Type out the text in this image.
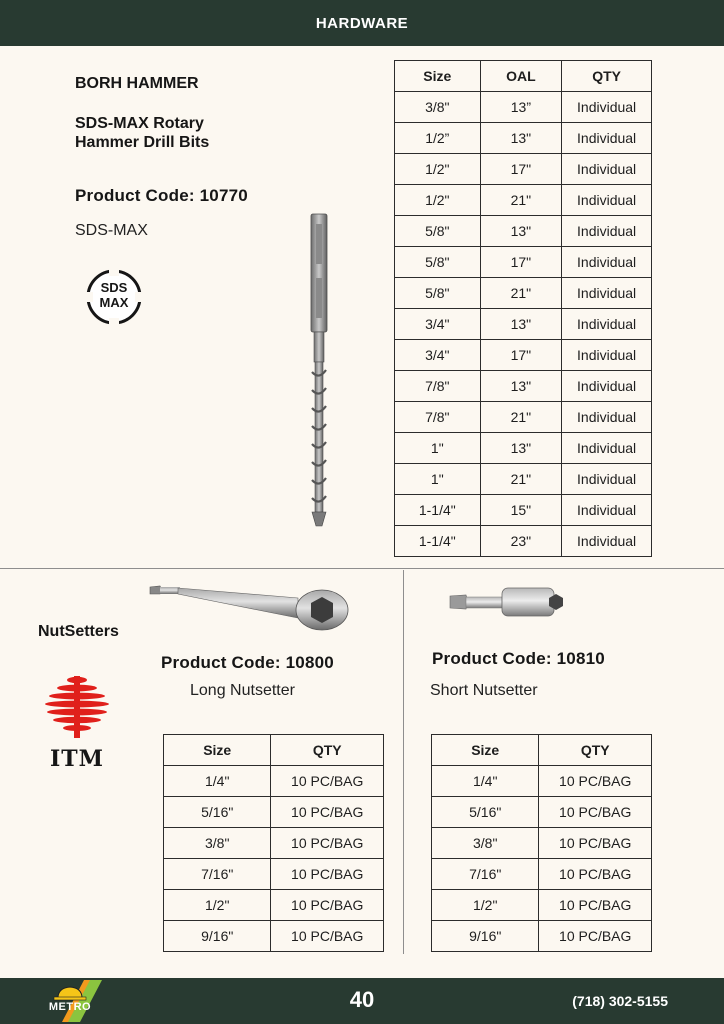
HARDWARE
BORH HAMMER
SDS-MAX Rotary
Hammer Drill Bits
Product Code: 10770
SDS-MAX
SDS
MAX
Size	OAL	QTY
3/8"	13”	Individual
1/2”	13"	Individual
1/2"	17"	Individual
1/2"	21"	Individual
5/8"	13"	Individual
5/8"	17"	Individual
5/8"	21"	Individual
3/4"	13"	Individual
3/4"	17"	Individual
7/8"	13"	Individual
7/8"	21"	Individual
1"	13"	Individual
1"	21"	Individual
1-1/4"	15"	Individual
1-1/4"	23"	Individual
NutSetters
ITM
Product Code: 10800
Long Nutsetter
Size	QTY
1/4"	10 PC/BAG
5/16"	10 PC/BAG
3/8"	10 PC/BAG
7/16"	10 PC/BAG
1/2"	10 PC/BAG
9/16"	10 PC/BAG
Product Code: 10810
Short Nutsetter
Size	QTY
1/4"	10 PC/BAG
5/16"	10 PC/BAG
3/8"	10 PC/BAG
7/16"	10 PC/BAG
1/2"	10 PC/BAG
9/16"	10 PC/BAG
METRO	40	(718) 302-5155
